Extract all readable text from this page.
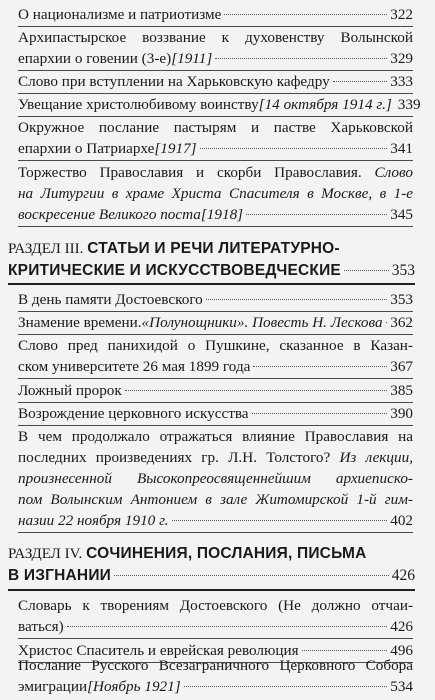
О национализме и патриотизме	322
Архипастырское воззвание к духовенству Волынской
епархии о говении (3-е) [1911]	329
Слово при вступлении на Харьковскую кафедру	333
Увещание христолюбивому воинству [14 октября 1914 г.] 339
Окружное послание пастырям и пастве Харьковской
епархии о Патриархе [1917]	341
Торжество Православия и скорби Православия. Слово
на Литургии в храме Христа Спасителя в Москве, в 1-е
воскресение Великого поста [1918]	345
РАЗДЕЛ III.
СТАТЬИ И РЕЧИ ЛИТЕРАТУРНО-
КРИТИЧЕСКИЕ И ИСКУССТВОВЕДЧЕСКИЕ	353
В день памяти Достоевского	353
Знамение времени. «Полунощники». Повесть Н. Лескова 362
Слово пред панихидой о Пушкине, сказанное в Казан-
ском университете 26 мая 1899 года	367
Ложный пророк	385
Возрождение церковного искусства	390
В чем продолжало отражаться влияние Православия на
последних произведениях гр. Л.Н. Толстого? Из лекции,
произнесенной Высокопреосвященнейшим архиеписко-
пом Волынским Антонием в зале Житомирской 1-й гим-
назии 22 ноября 1910 г.	402
РАЗДЕЛ IV.
СОЧИНЕНИЯ, ПОСЛАНИЯ, ПИСЬМА
В ИЗГНАНИИ	426
Словарь к творениям Достоевского (Не должно отчаи-
ваться)	426
Христос Спаситель и еврейская революция	496
Послание Русского Всезаграничного Церковного Собора
эмиграции [Ноябрь 1921]	534
